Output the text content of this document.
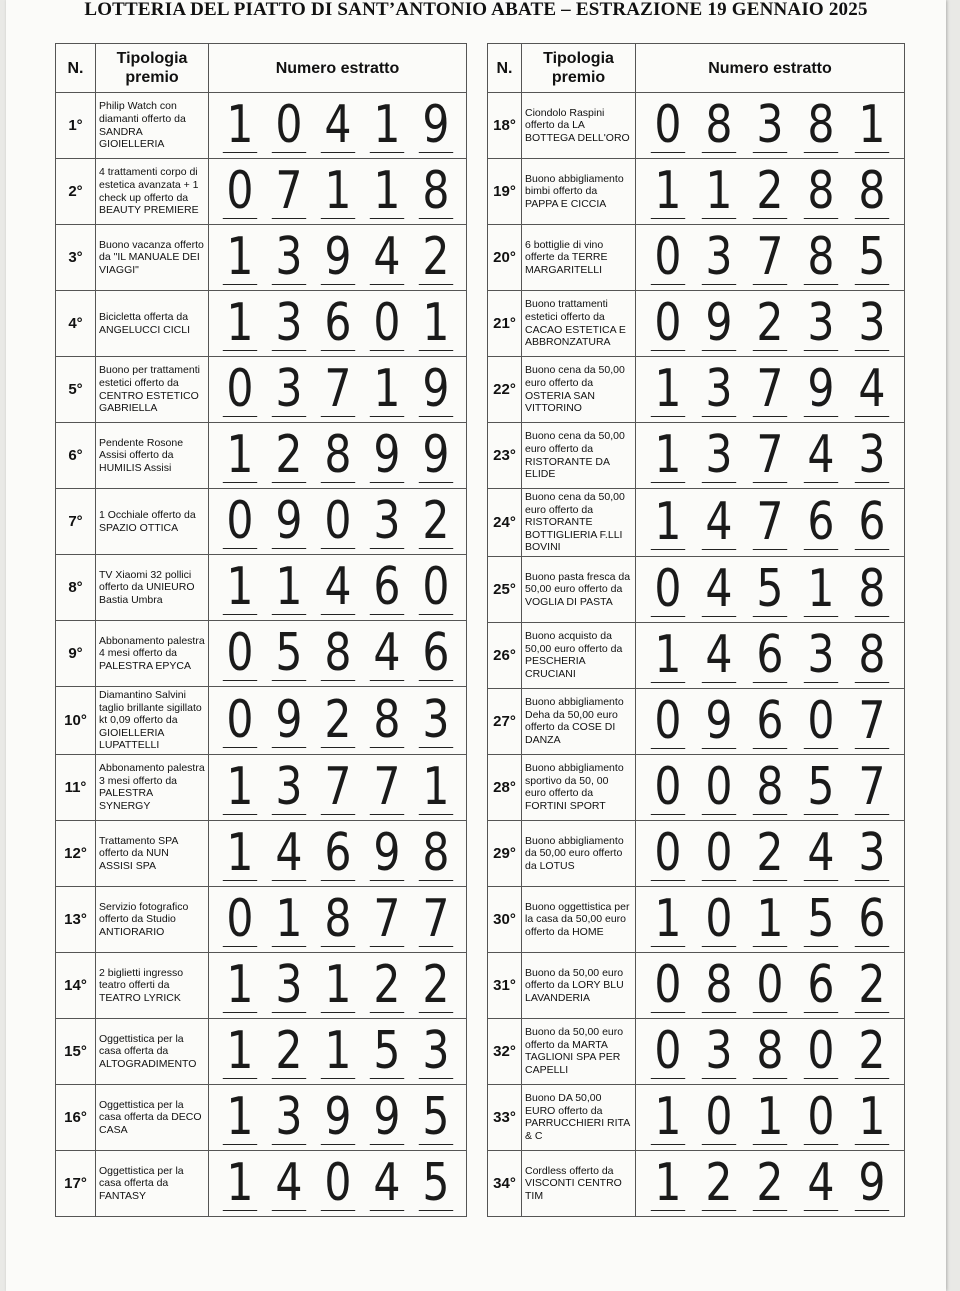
LOTTERIA DEL PIATTO DI SANT’ANTONIO ABATE – ESTRAZIONE 19 GENNAIO 2025
N.	Tipologia premio	Numero estratto
1°	Philip Watch con diamanti offerto da SANDRA GIOIELLERIA	1 0 4 1 9

2°	4 trattamenti corpo di estetica avanzata + 1 check up offerto da BEAUTY PREMIERE	0 7 1 1 8

3°	Buono vacanza offerto da "IL MANUALE DEI VIAGGI"	1 3 9 4 2

4°	Bicicletta offerta da ANGELUCCI CICLI	1 3 6 0 1

5°	Buono per trattamenti estetici offerto da CENTRO ESTETICO GABRIELLA	0 3 7 1 9

6°	Pendente Rosone Assisi offerto da HUMILIS Assisi	1 2 8 9 9

7°	1 Occhiale offerto da SPAZIO OTTICA	0 9 0 3 2

8°	TV Xiaomi 32 pollici offerto da UNIEURO Bastia Umbra	1 1 4 6 0

9°	Abbonamento palestra 4 mesi offerto da PALESTRA EPYCA	0 5 8 4 6

10°	Diamantino Salvini taglio brillante sigillato kt 0,09 offerto da GIOIELLERIA LUPATTELLI	0 9 2 8 3

11°	Abbonamento palestra 3 mesi offerto da PALESTRA SYNERGY	1 3 7 7 1

12°	Trattamento SPA offerto da NUN ASSISI SPA	1 4 6 9 8

13°	Servizio fotografico offerto da Studio ANTIORARIO	0 1 8 7 7

14°	2 biglietti ingresso teatro offerti da TEATRO LYRICK	1 3 1 2 2

15°	Oggettistica per la casa offerta da ALTOGRADIMENTO	1 2 1 5 3

16°	Oggettistica per la casa offerta da DECO CASA	1 3 9 9 5

17°	Oggettistica per la casa offerta da FANTASY	1 4 0 4 5
N.	Tipologia premio	Numero estratto
18°	Ciondolo Raspini offerto da LA BOTTEGA DELL'ORO	0 8 3 8 1

19°	Buono abbigliamento bimbi offerto da PAPPA E CICCIA	1 1 2 8 8

20°	6 bottiglie di vino offerte da TERRE MARGARITELLI	0 3 7 8 5

21°	Buono trattamenti estetici offerto da CACAO ESTETICA E ABBRONZATURA	0 9 2 3 3

22°	Buono cena da 50,00 euro offerto da OSTERIA SAN VITTORINO	1 3 7 9 4

23°	Buono cena da 50,00 euro offerto da RISTORANTE DA ELIDE	1 3 7 4 3

24°	Buono cena da 50,00 euro offerto da RISTORANTE BOTTIGLIERIA F.LLI BOVINI	1 4 7 6 6

25°	Buono pasta fresca da 50,00 euro offerto da VOGLIA DI PASTA	0 4 5 1 8

26°	Buono acquisto da 50,00 euro offerto da PESCHERIA CRUCIANI	1 4 6 3 8

27°	Buono abbigliamento Deha da 50,00 euro offerto da COSE DI DANZA	0 9 6 0 7

28°	Buono abbigliamento sportivo da 50, 00 euro offerto da FORTINI SPORT	0 0 8 5 7

29°	Buono abbigliamento da 50,00 euro offerto da LOTUS	0 0 2 4 3

30°	Buono oggettistica per la casa da 50,00 euro offerto da HOME	1 0 1 5 6

31°	Buono da 50,00 euro offerto da LORY BLU LAVANDERIA	0 8 0 6 2

32°	Buono da 50,00 euro offerto da MARTA TAGLIONI SPA PER CAPELLI	0 3 8 0 2

33°	Buono DA 50,00 EURO offerto da PARRUCCHIERI RITA & C	1 0 1 0 1

34°	Cordless offerto da VISCONTI CENTRO TIM	1 2 2 4 9
